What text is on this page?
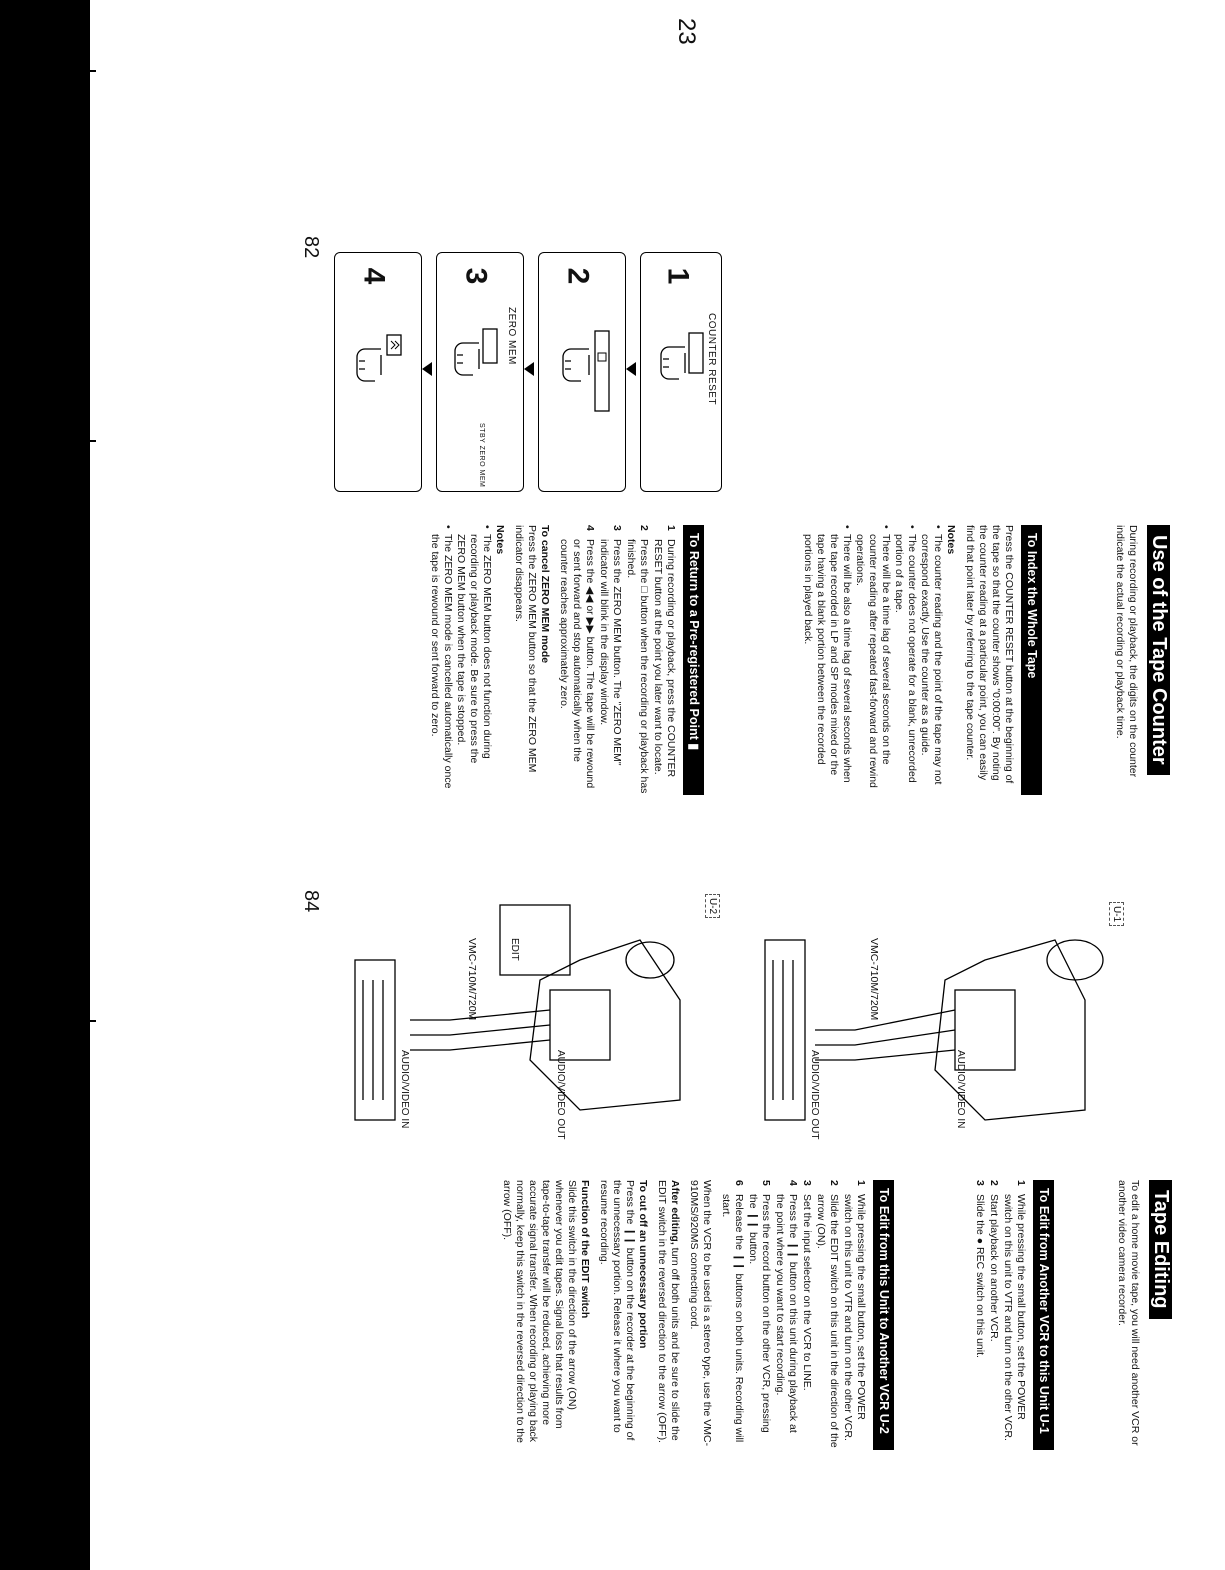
23
82
84
Use of the Tape Counter

During recording or playback, the digits on the counter indicate the actual recording or playback time.

To Index the Whole Tape

Press the COUNTER RESET button at the beginning of the tape so that the counter shows "0:00:00". By noting the counter reading at a particular point, you can easily find that point later by referring to the tape counter.

Notes
• The counter reading and the point of the tape may not correspond exactly. Use the counter as a guide.
• The counter does not operate for a blank, unrecorded portion of a tape.
• There will be a time lag of several seconds on the counter reading after repeated fast-forward and rewind operations.
• There will be also a time lag of several seconds when the tape recorded in LP and SP modes mixed or the tape having a blank portion between the recorded portions in played back.
To Return to a Pre-registered Point ▮
1
During recording or playback, press the COUNTER RESET button at the point you later want to locate.
2
Press the □ button when the recording or playback has finished.
3
Press the ZERO MEM button. The "ZERO MEM" indicator will blink in the display window.
4
Press the ◀◀ or ▶▶ button. The tape will be rewound or sent forward and stop automatically when the counter reaches approximately zero.
To cancel ZERO MEM mode

Press the ZERO MEM button so that the ZERO MEM indicator disappears.

Notes
• The ZERO MEM button does not function during recording or playback mode. Be sure to press the ZERO MEM button when the tape is stopped.
• The ZERO MEM mode is cancelled automatically once the tape is rewound or sent forward to zero.
1
COUNTER RESET
2
3
ZERO MEM
STBY ZERO MEM
4
Tape Editing

To edit a home movie tape, you will need another VCR or another video camera recorder.

To Edit from Another VCR to this Unit U-1
1
While pressing the small button, set the POWER switch on this unit to VTR and turn on the other VCR.
2
Start playback on another VCR.
3
Slide the ● REC switch on this unit.
To Edit from this Unit to Another VCR U-2
1
While pressing the small button, set the POWER switch on this unit to VTR and turn on the other VCR.
2
Slide the EDIT switch on this unit in the direction of the arrow (ON).
3
Set the input selector on the VCR to LINE.
4
Press the ❙❙ button on this unit during playback at the point where you want to start recording.
5
Press the record button on the other VCR, pressing the ❙❙ button.
6
Release the ❙❙ buttons on both units. Recording will start.

When the VCR to be used is a stereo type, use the VMC-910MS/920MS connecting cord.

After editing, turn off both units and be sure to slide the EDIT switch in the reversed direction to the arrow (OFF).

To cut off an unnecessary portion

Press the ❙❙ button on the recorder at the beginning of the unnecessary portion. Release it where you want to resume recording.

Function of the EDIT switch

Slide this switch in the direction of the arrow (ON) whenever you edit tapes. Signal loss that results from tape-to-tape transfer will be reduced, achieving more accurate signal transfer. When recording or playing back normally, keep this switch in the reversed direction to the arrow (OFF).

U-1
VMC-710M/720M
AUDIO/VIDEO IN
AUDIO/VIDEO OUT
U-2
EDIT
VMC-710M/720M
AUDIO/VIDEO OUT
AUDIO/VIDEO IN
